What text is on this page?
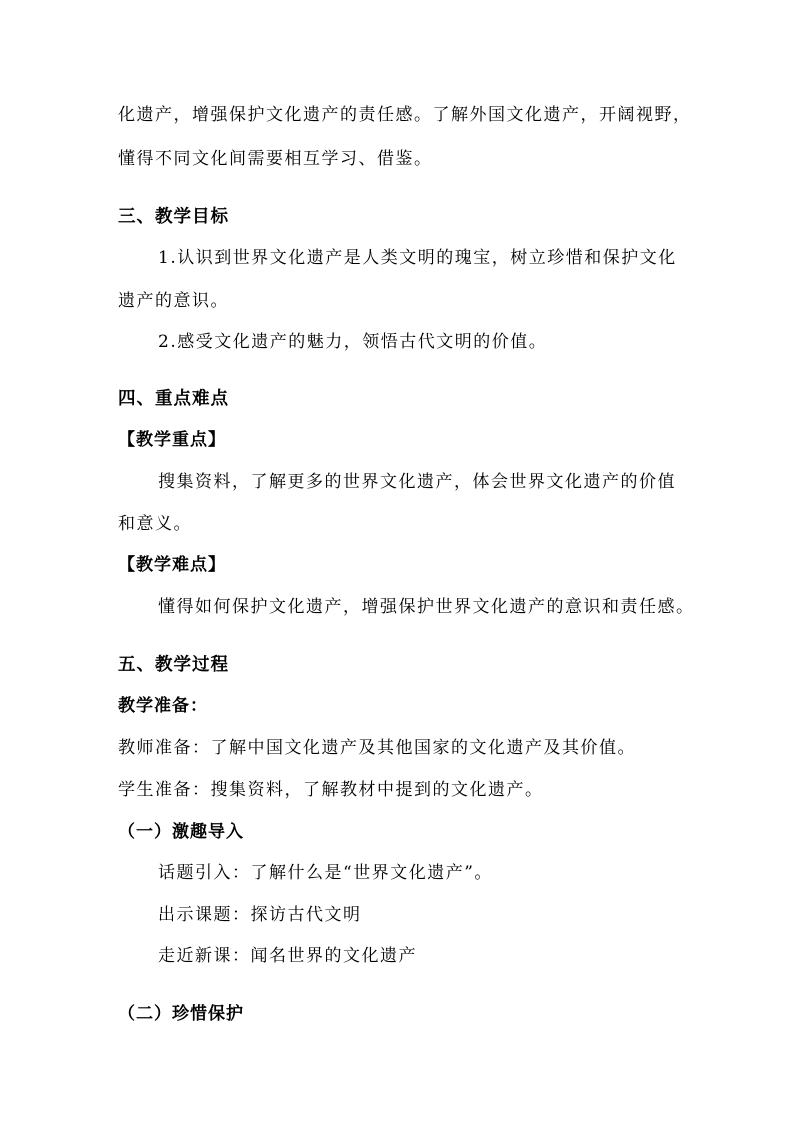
化遗产，增强保护文化遗产的责任感。了解外国文化遗产，开阔视野，
懂得不同文化间需要相互学习、借鉴。
三、教学目标
1.认识到世界文化遗产是人类文明的瑰宝，树立珍惜和保护文化
遗产的意识。
2.感受文化遗产的魅力，领悟古代文明的价值。
四、重点难点
【教学重点】
搜集资料，了解更多的世界文化遗产，体会世界文化遗产的价值
和意义。
【教学难点】
懂得如何保护文化遗产，增强保护世界文化遗产的意识和责任感。
五、教学过程
教学准备：
教师准备：了解中国文化遗产及其他国家的文化遗产及其价值。
学生准备：搜集资料，了解教材中提到的文化遗产。
（一）激趣导入
话题引入：了解什么是“世界文化遗产”。
出示课题：探访古代文明
走近新课：闻名世界的文化遗产
（二）珍惜保护
